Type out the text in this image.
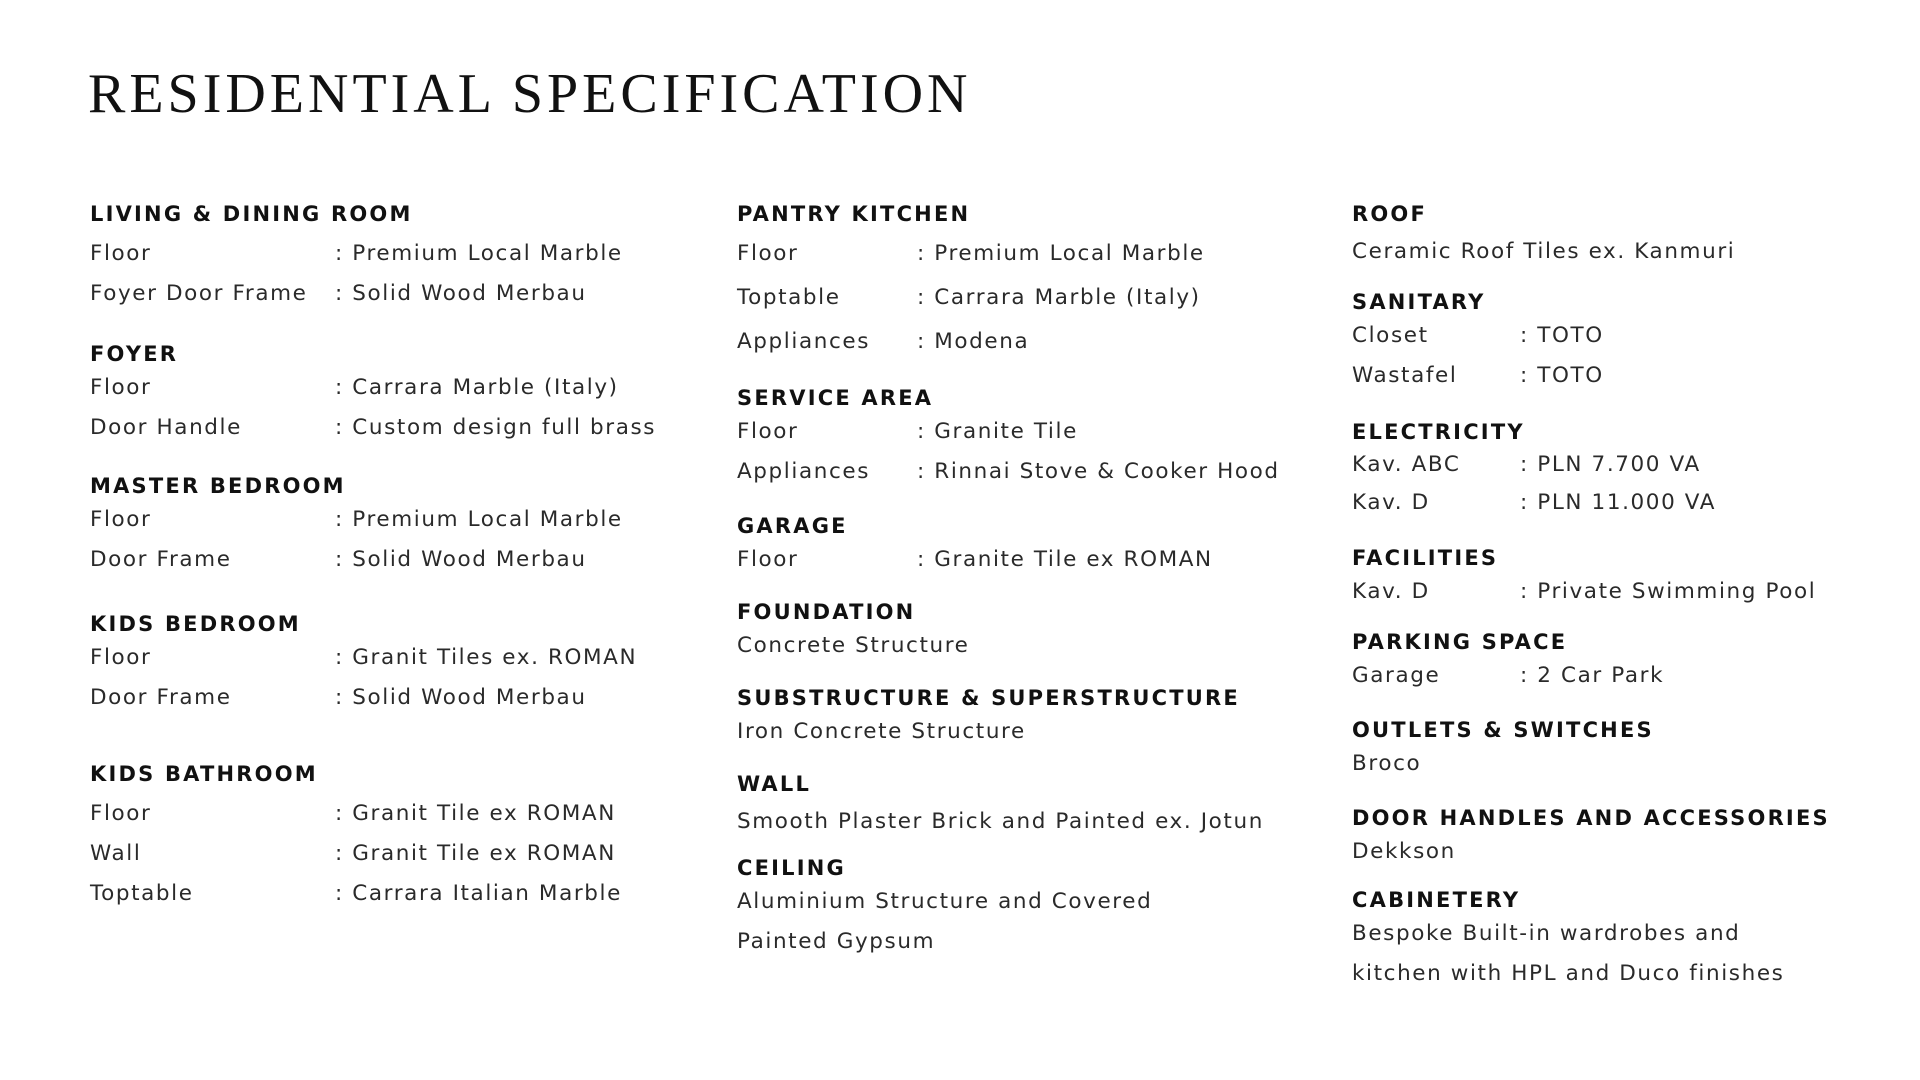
RESIDENTIAL SPECIFICATION
LIVING & DINING ROOM
Floor	: Premium Local Marble
Foyer Door Frame	: Solid Wood Merbau
FOYER
Floor	: Carrara Marble (Italy)
Door Handle	: Custom design full brass
MASTER BEDROOM
Floor	: Premium Local Marble
Door Frame	: Solid Wood Merbau
KIDS BEDROOM
Floor	: Granit Tiles ex. ROMAN
Door Frame	: Solid Wood Merbau
KIDS BATHROOM
Floor	: Granit Tile ex ROMAN
Wall	: Granit Tile ex ROMAN
Toptable	: Carrara Italian Marble
PANTRY KITCHEN
Floor	: Premium Local Marble
Toptable	: Carrara Marble (Italy)
Appliances	: Modena
SERVICE AREA
Floor	: Granite Tile
Appliances	: Rinnai Stove & Cooker Hood
GARAGE
Floor	: Granite Tile ex ROMAN
FOUNDATION
Concrete Structure
SUBSTRUCTURE & SUPERSTRUCTURE
Iron Concrete Structure
WALL
Smooth Plaster Brick and Painted ex. Jotun
CEILING
Aluminium Structure and Covered
Painted Gypsum
ROOF
Ceramic Roof Tiles ex. Kanmuri
SANITARY
Closet	: TOTO
Wastafel	: TOTO
ELECTRICITY
Kav. ABC	: PLN 7.700 VA
Kav. D	: PLN 11.000 VA
FACILITIES
Kav. D	: Private Swimming Pool
PARKING SPACE
Garage	: 2 Car Park
OUTLETS & SWITCHES
Broco
DOOR HANDLES AND ACCESSORIES
Dekkson
CABINETERY
Bespoke Built-in wardrobes and
kitchen with HPL and Duco finishes
